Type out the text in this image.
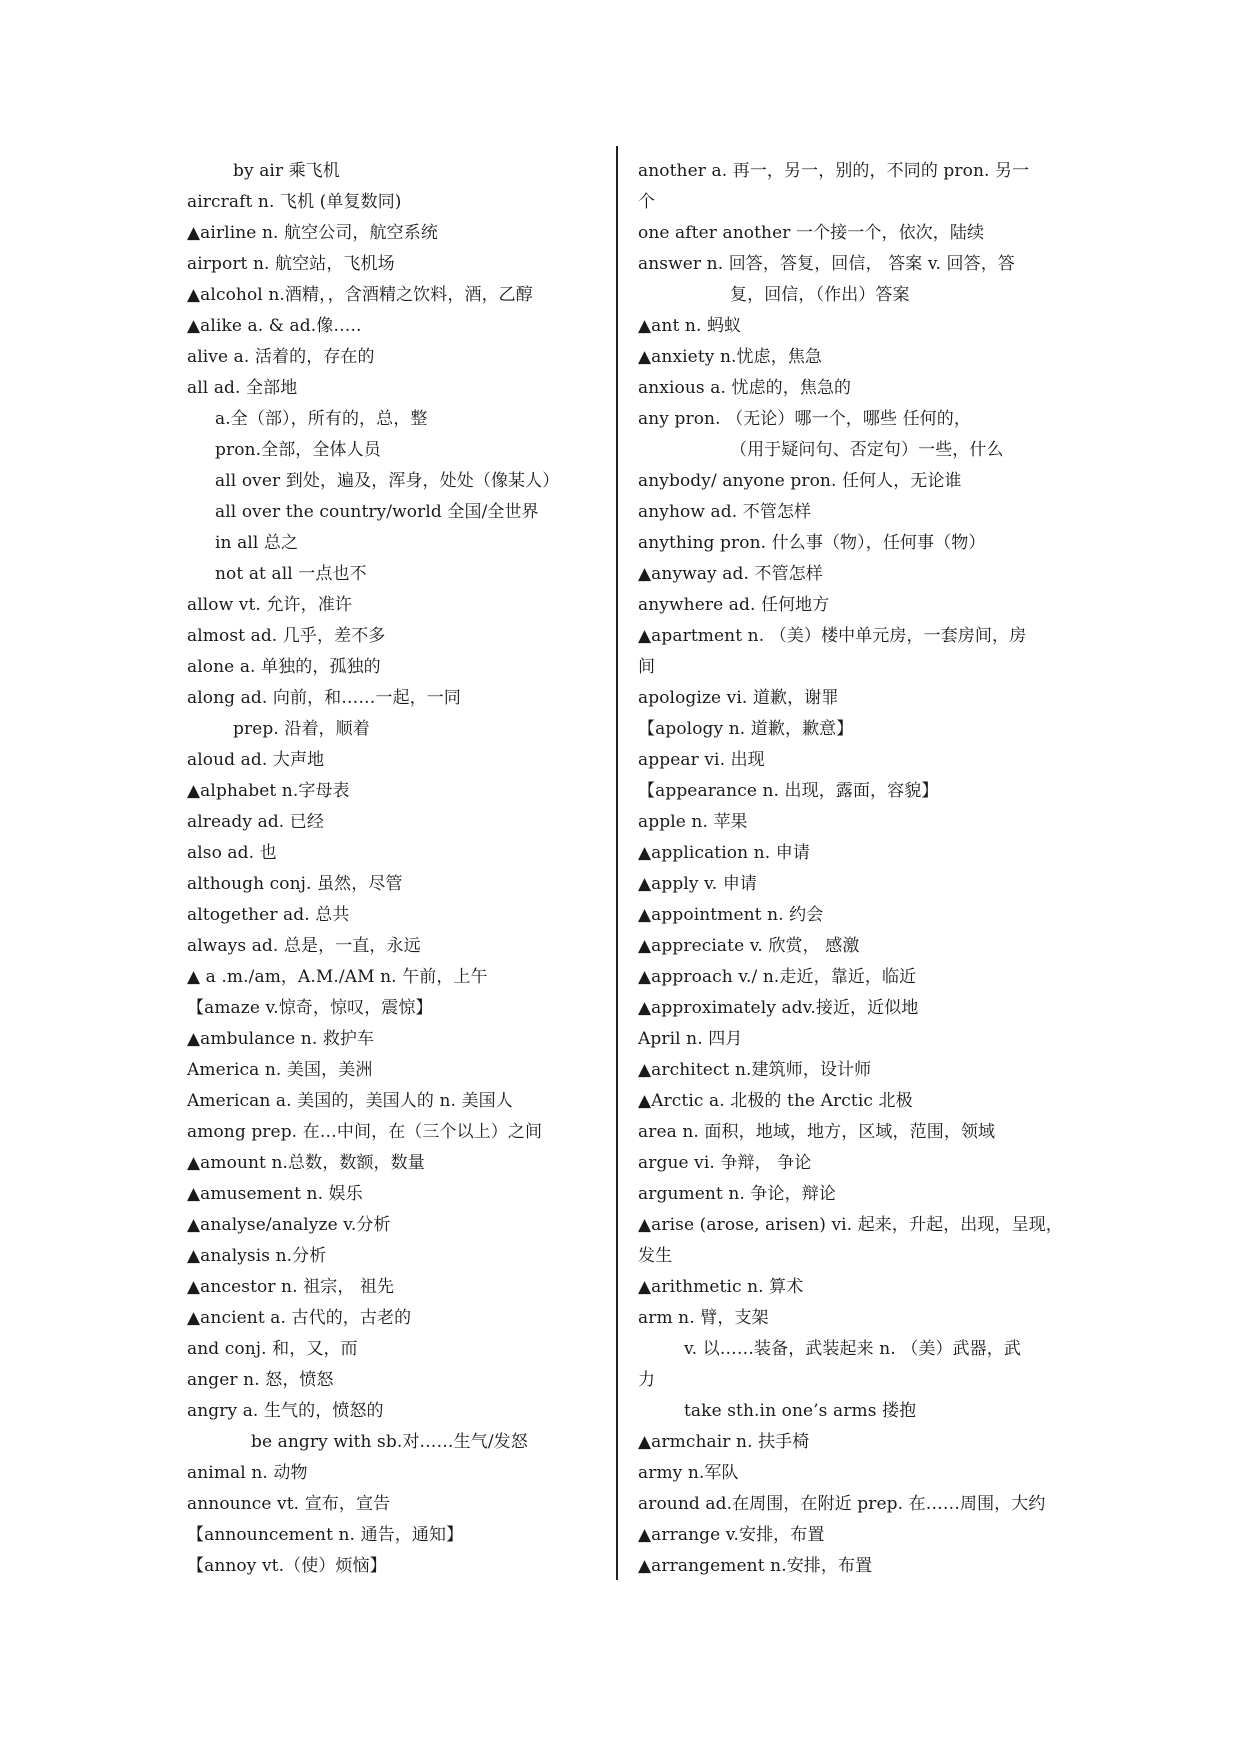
by air 乘飞机
aircraft n. 飞机 (单复数同)
▲airline n. 航空公司，航空系统
airport n. 航空站，飞机场
▲alcohol n.酒精，，含酒精之饮料，酒，乙醇
▲alike a. & ad.像…..
alive a. 活着的，存在的
all ad. 全部地
a.全（部），所有的，总，整
pron.全部，全体人员
all over 到处，遍及，浑身，处处（像某人）
all over the country/world 全国/全世界
in all 总之
not at all 一点也不
allow vt. 允许，准许
almost ad. 几乎，差不多
alone a. 单独的，孤独的
along ad. 向前，和……一起，一同
prep. 沿着，顺着
aloud ad. 大声地
▲alphabet n.字母表
already ad. 已经
also ad. 也
although conj. 虽然，尽管
altogether ad. 总共
always ad. 总是，一直，永远
▲ a .m./am，A.M./AM n. 午前，上午
【amaze v.惊奇，惊叹，震惊】
▲ambulance n. 救护车
America n. 美国，美洲
American a. 美国的，美国人的 n. 美国人
among prep. 在…中间，在（三个以上）之间
▲amount n.总数，数额，数量
▲amusement n. 娱乐
▲analyse/analyze v.分析
▲analysis n.分析
▲ancestor n. 祖宗， 祖先
▲ancient a. 古代的，古老的
and conj. 和，又，而
anger n. 怒，愤怒
angry a. 生气的，愤怒的
be angry with sb.对……生气/发怒
animal n. 动物
announce vt. 宣布，宣告
【announcement n. 通告，通知】
【annoy vt.（使）烦恼】
another a. 再一，另一，别的，不同的 pron. 另一
个
one after another 一个接一个，依次，陆续
answer n. 回答，答复，回信， 答案 v. 回答，答
复，回信，（作出）答案
▲ant n. 蚂蚁
▲anxiety n.忧虑，焦急
anxious a. 忧虑的，焦急的
any pron. （无论）哪一个，哪些 任何的，
（用于疑问句、否定句）一些，什么
anybody/ anyone pron. 任何人，无论谁
anyhow ad. 不管怎样
anything pron. 什么事（物），任何事（物）
▲anyway ad. 不管怎样
anywhere ad. 任何地方
▲apartment n. （美）楼中单元房，一套房间，房
间
apologize vi. 道歉，谢罪
【apology n. 道歉，歉意】
appear vi. 出现
【appearance n. 出现，露面，容貌】
apple n. 苹果
▲application n. 申请
▲apply v. 申请
▲appointment n. 约会
▲appreciate v. 欣赏， 感激
▲approach v./ n.走近，靠近，临近
▲approximately adv.接近，近似地
April n. 四月
▲architect n.建筑师，设计师
▲Arctic a. 北极的 the Arctic 北极
area n. 面积，地域，地方，区域，范围，领域
argue vi. 争辩， 争论
argument n. 争论，辩论
▲arise (arose, arisen) vi. 起来，升起，出现，呈现，
发生
▲arithmetic n. 算术
arm n. 臂，支架
v. 以……装备，武装起来 n. （美）武器，武
力
take sth.in one’s arms 搂抱
▲armchair n. 扶手椅
army n.军队
around ad.在周围，在附近 prep. 在……周围，大约
▲arrange v.安排，布置
▲arrangement n.安排，布置
